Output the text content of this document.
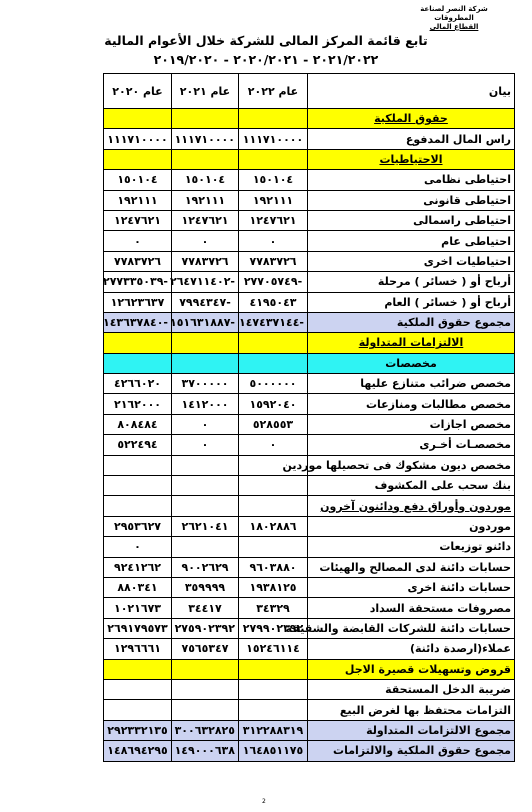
شركة النصر لصناعة المطروقات
القطاع المالى
تابع قائمة المركز المالى للشركة خلال الأعوام المالية
٢٠٢١/٢٠٢٢ - ٢٠٢٠/٢٠٢١ - ٢٠١٩/٢٠٢٠
بيان	عام ٢٠٢٢	عام ٢٠٢١	عام ٢٠٢٠
حقوق الملكية			
راس المال المدفوع	١١١٧١٠٠٠٠	١١١٧١٠٠٠٠	١١١٧١٠٠٠٠
الاحتياطيات			
احتياطى نظامى	١٥٠١٠٤	١٥٠١٠٤	١٥٠١٠٤
احتياطى قانونى	١٩٢١١١	١٩٢١١١	١٩٢١١١
احتياطى راسمالى	١٢٤٧٦٢١	١٢٤٧٦٢١	١٢٤٧٦٢١
احتياطى عام	٠	٠	٠
احتياطيات اخرى	٧٧٨٣٧٢٦	٧٧٨٣٧٢٦	٧٧٨٣٧٢٦
أرباح أو ( خسائر ) مرحلة	-٢٧٧٠٥٧٤٩	-٢٦٤٧١١٤٠٢	-٢٧٧٣٣٥٠٣٩
أرباح أو ( خسائر ) العام	٤١٩٥٠٤٣	-٧٩٩٤٣٤٧	١٢٦٢٣٦٣٧
مجموع حقوق الملكية	-١٤٧٤٣٧١٤٤	-١٥١٦٣١٨٨٧	-١٤٣٦٣٧٨٤٠
الالتزامات المتداولة			
مخصصات			
مخصص ضرائب متنازع عليها	٥٠٠٠٠٠٠	٣٧٠٠٠٠٠	٤٢٦٦٠٢٠
مخصص مطالبات ومنازعات	١٥٩٢٠٤٠	١٤١٢٠٠٠	٢١٦٢٠٠٠
مخصص اجازات	٥٢٨٥٥٣	٠	٨٠٨٤٨٤
مخصصـات أخـرى	٠	٠	٥٢٢٤٩٤
مخصص ديون مشكوك فى تحصيلها موردين			
بنك سحب على المكشوف			
موردون وأوراق دفع ودائنون آخرون			
موردون	١٨٠٢٨٨٦	٢٦٢١٠٤١	٢٩٥٣٦٢٧
دائنو توزيعات			٠
حسابات دائنة لدى المصالح والهيئات	٩٦٠٣٨٨٠	٩٠٠٢٦٢٩	٩٢٤١٢٦٢
حسابات دائنة اخرى	١٩٣٨١٢٥	٣٥٩٩٩٩	٨٨٠٣٤١
مصروفات مستحقة السداد	٣٤٣٢٩	٣٤٤١٧	١٠٢١٦٧٣
حسابات دائنة للشركات القابضة والشقيقة	٢٧٩٩٠٢٣٩٢	٢٧٥٩٠٢٣٩٢	٢٦٩١٧٩٥٧٣
عملاء(ارصدة دائنة)	١٥٢٤٦١١٤	٧٥٦٥٣٤٧	١٢٩٦٦٦١
قروض وتسهيلات قصيرة الاجل			
ضريبة الدخل المستحقة			
التزامات محتفظ بها لغرض البيع			
مجموع الالتزامات المتداولة	٣١٢٢٨٨٣١٩	٣٠٠٦٣٢٨٢٥	٢٩٢٣٣٢١٣٥
مجموع حقوق الملكية والالتزامات	١٦٤٨٥١١٧٥	١٤٩٠٠٠٦٣٨	١٤٨٦٩٤٢٩٥
2
